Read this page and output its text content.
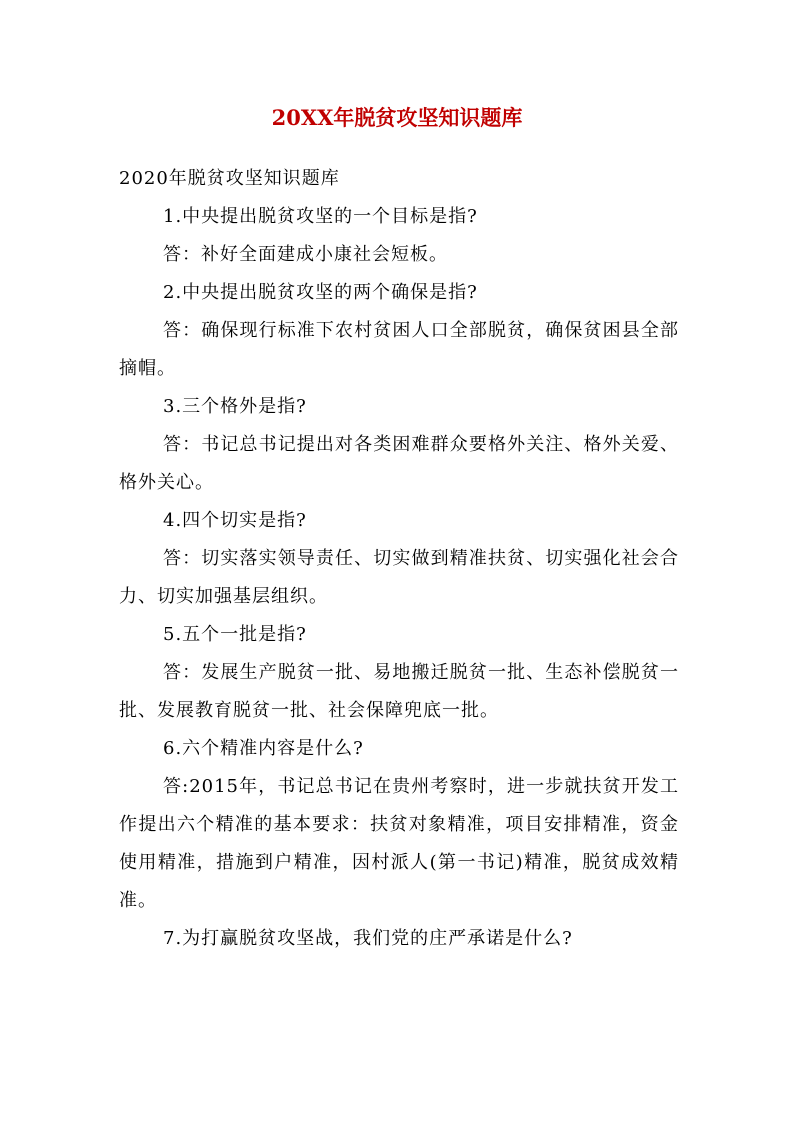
20XX年脱贫攻坚知识题库

2020年脱贫攻坚知识题库

1.中央提出脱贫攻坚的一个目标是指?

答：补好全面建成小康社会短板。

2.中央提出脱贫攻坚的两个确保是指?

答：确保现行标准下农村贫困人口全部脱贫，确保贫困县全部摘帽。

3.三个格外是指?

答：书记总书记提出对各类困难群众要格外关注、格外关爱、格外关心。

4.四个切实是指?

答：切实落实领导责任、切实做到精准扶贫、切实强化社会合力、切实加强基层组织。

5.五个一批是指?

答：发展生产脱贫一批、易地搬迁脱贫一批、生态补偿脱贫一批、发展教育脱贫一批、社会保障兜底一批。

6.六个精准内容是什么?

答:2015年，书记总书记在贵州考察时，进一步就扶贫开发工作提出六个精准的基本要求：扶贫对象精准，项目安排精准，资金使用精准，措施到户精准，因村派人(第一书记)精准，脱贫成效精准。

7.为打赢脱贫攻坚战，我们党的庄严承诺是什么?
